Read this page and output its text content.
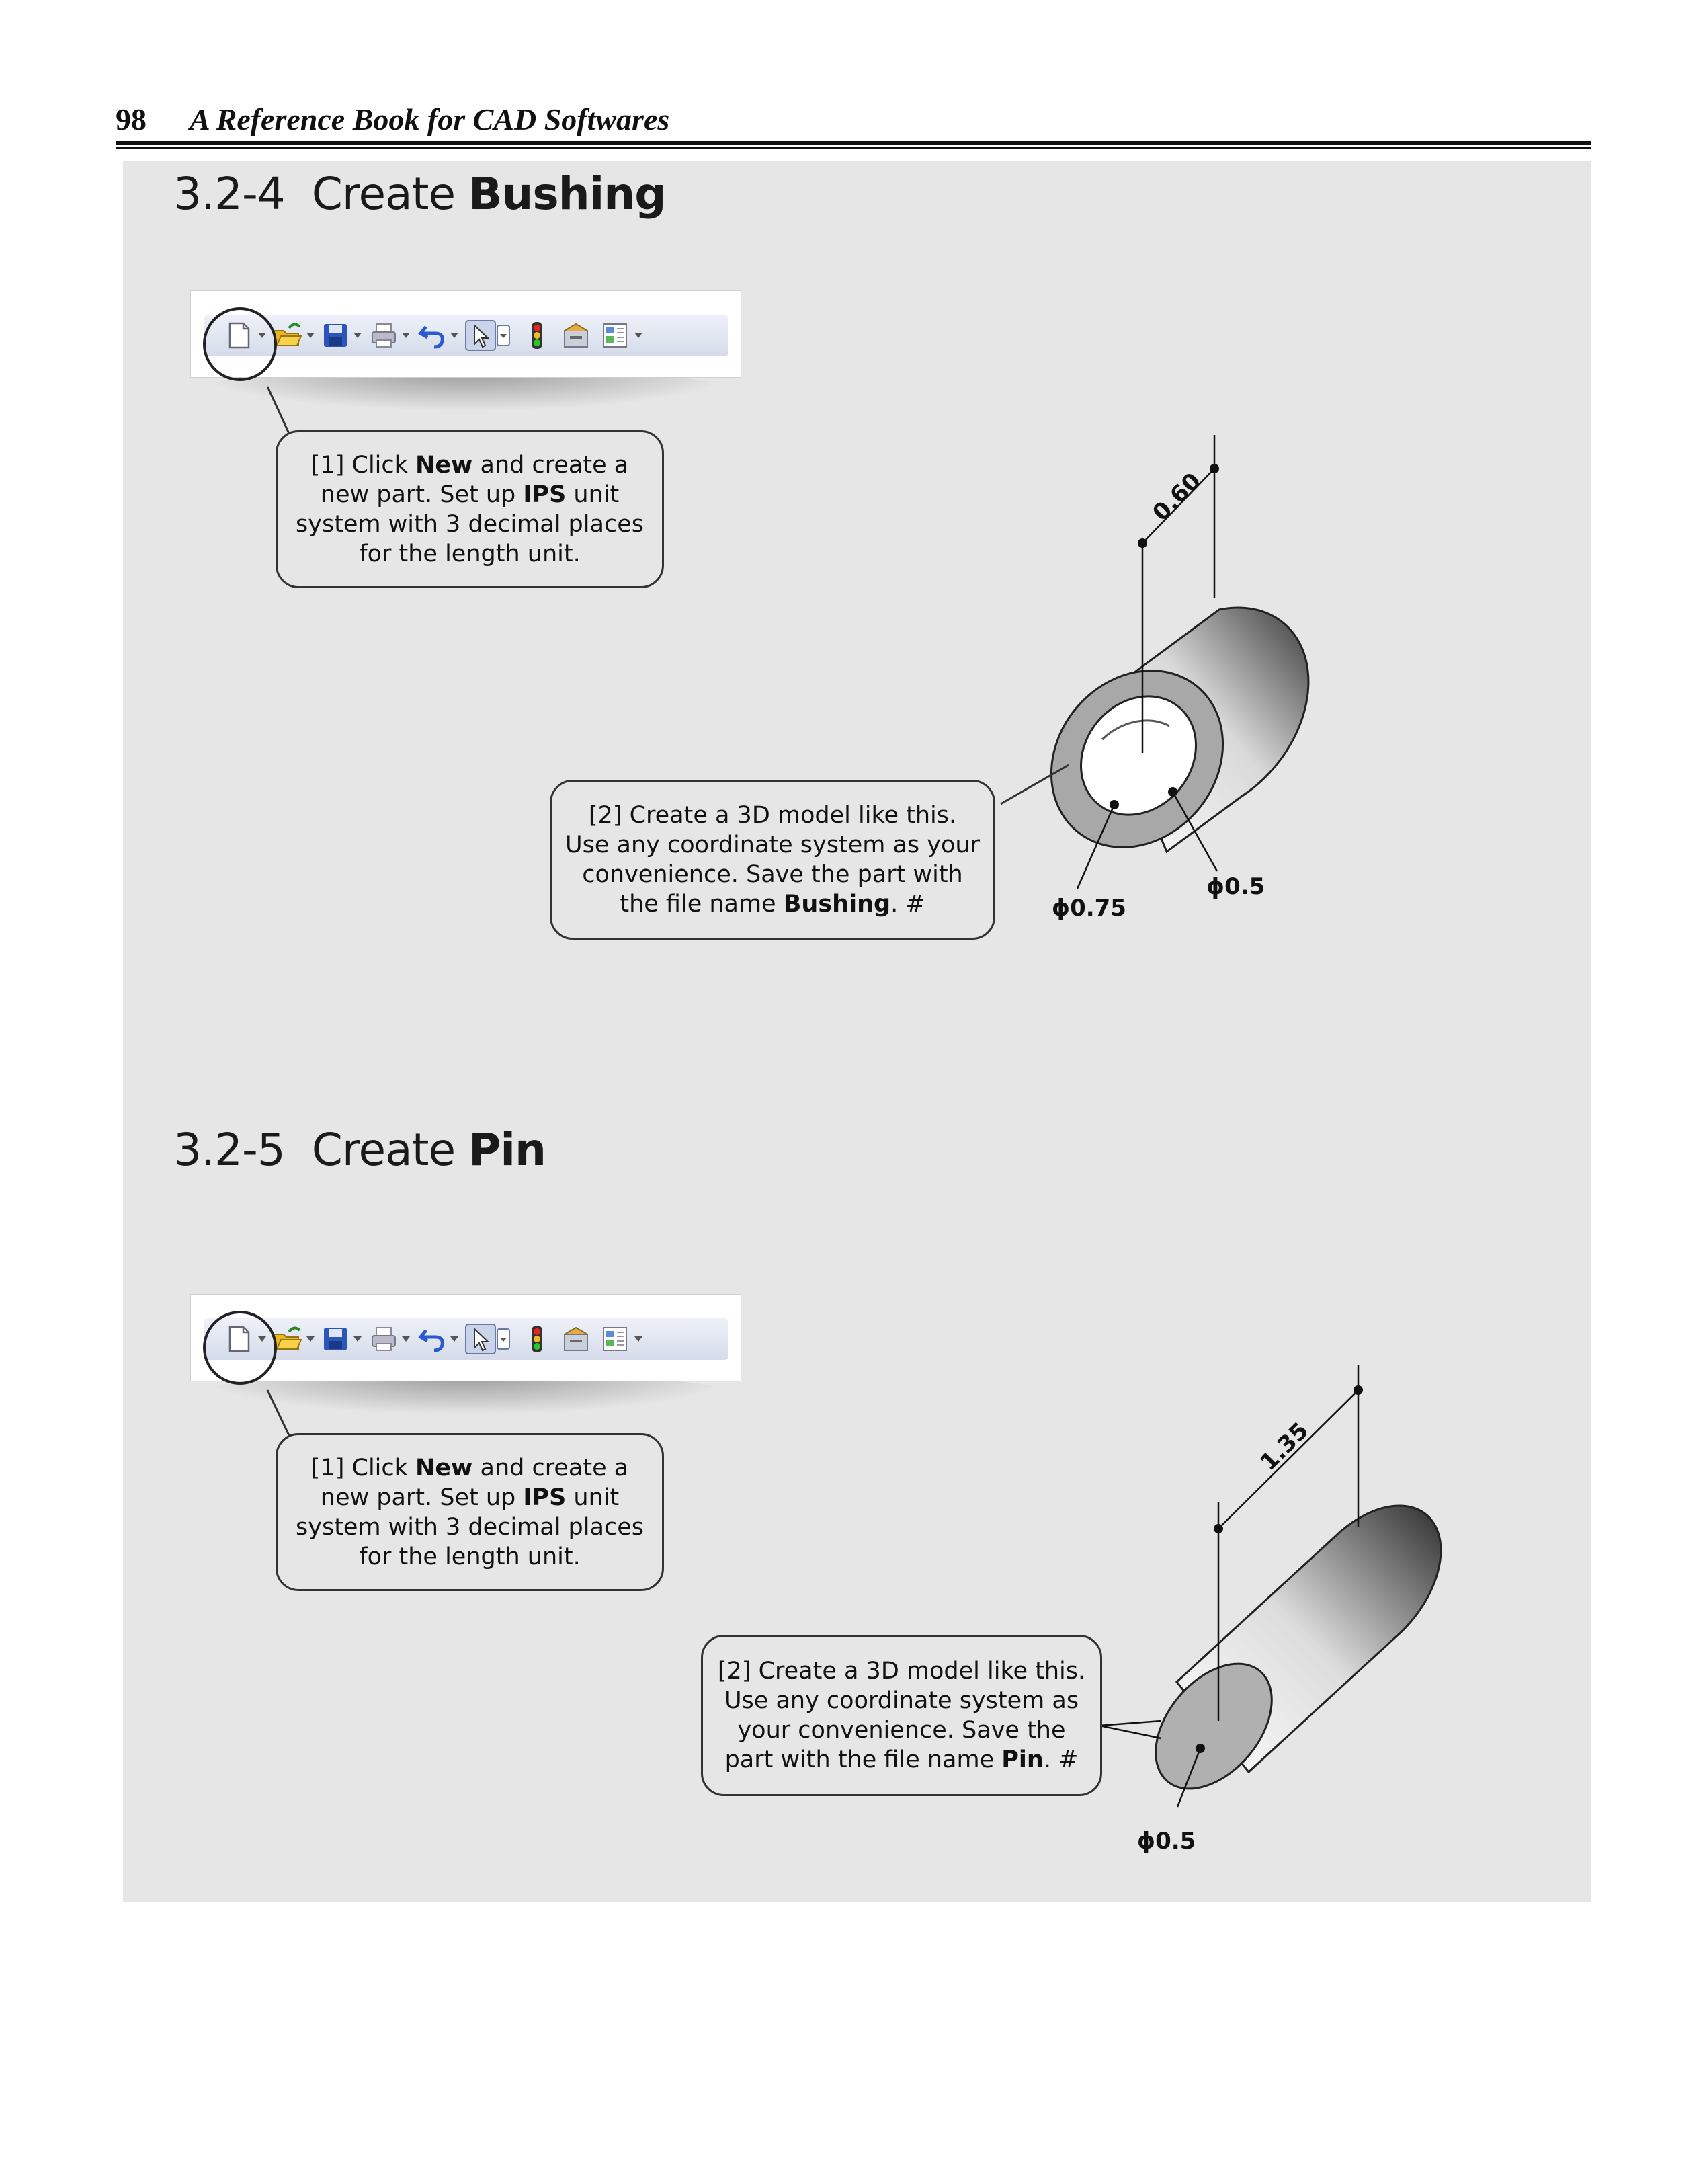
98 A Reference Book for CAD Softwares
3.2-4 Create Bushing
0.60
ϕ0.75
ϕ0.5
[1] Click New and create a new part. Set up IPS unit system with 3 decimal places for the length unit.
[2] Create a 3D model like this. Use any coordinate system as your convenience. Save the part with the file name Bushing. #
3.2-5 Create Pin
1.35
ϕ0.5
[1] Click New and create a new part. Set up IPS unit system with 3 decimal places for the length unit.
[2] Create a 3D model like this. Use any coordinate system as your convenience. Save the part with the file name Pin. #
